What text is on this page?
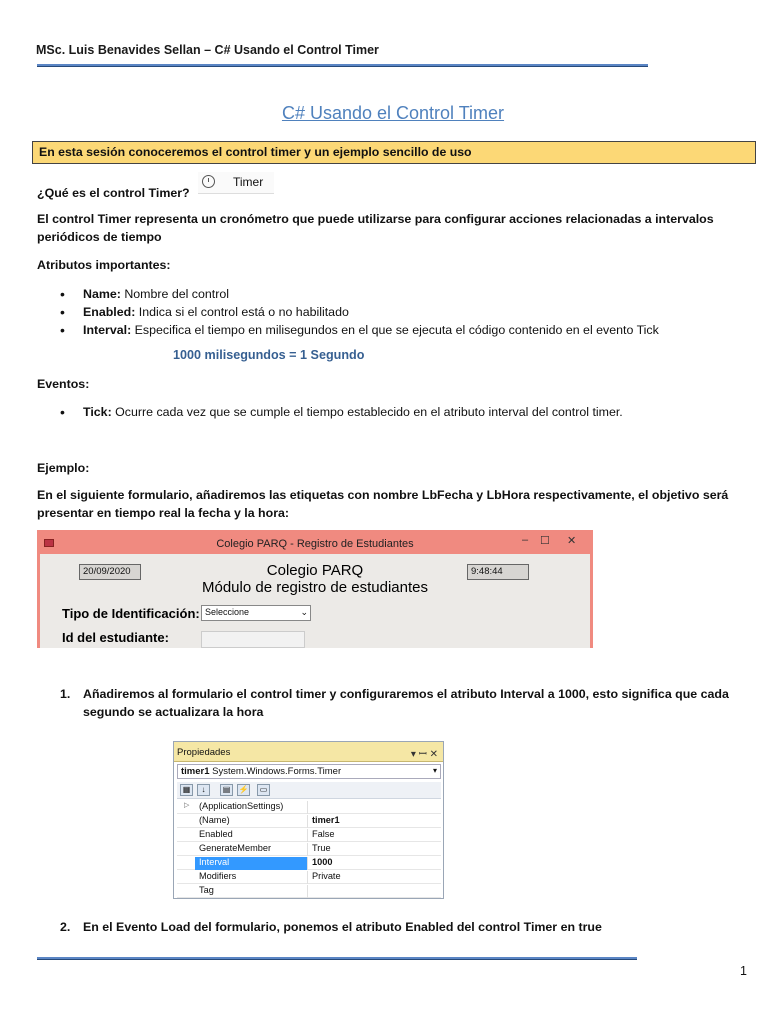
MSc. Luis Benavides Sellan – C# Usando el Control Timer
C# Usando el Control Timer
En esta sesión conoceremos el control timer y un ejemplo sencillo de uso

¿Qué es el control Timer?

Timer

El control Timer representa un cronómetro que puede utilizarse para configurar acciones relacionadas a intervalos periódicos de tiempo

Atributos importantes:

• Name: Nombre del control
• Enabled: Indica si el control está o no habilitado
• Interval: Especifica el tiempo en milisegundos en el que se ejecuta el código contenido en el evento Tick
1000 milisegundos = 1 Segundo

Eventos:

• Tick: Ocurre cada vez que se cumple el tiempo establecido en el atributo interval del control timer.

Ejemplo:

En el siguiente formulario, añadiremos las etiquetas con nombre LbFecha y LbHora respectivamente, el objetivo será presentar en tiempo real la fecha y la hora:

Colegio PARQ - Registro de Estudiantes	– ☐ ✕
20/09/2020	9:48:44
Colegio PARQ
Módulo de registro de estudiantes
Tipo de Identificación: Seleccione	⌄
Id del estudiante:
1. Añadiremos al formulario el control timer y configuraremos el atributo Interval a 1000, esto significa que cada segundo se actualizara la hora
Propiedades	▾ ꟷ ✕
timer1 System.Windows.Forms.Timer	▾
▦	↓	▤	⚡	▭
▷	(ApplicationSettings)
(Name)	timer1
Enabled	False
GenerateMember	True
Interval	1000
Modifiers	Private
Tag
2. En el Evento Load del formulario, ponemos el atributo Enabled del control Timer en true
1
